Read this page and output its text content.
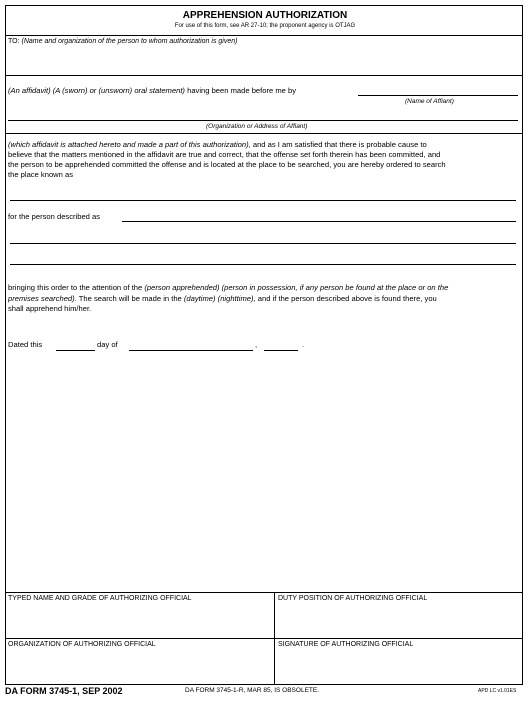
APPREHENSION AUTHORIZATION
For use of this form, see AR 27-10; the proponent agency is OTJAG
TO: (Name and organization of the person to whom authorization is given)
(An affidavit) (A (sworn) or (unsworn) oral statement) having been made before me by
(Name of Affiant)
(Organization or Address of Affiant)
(which affidavit is attached hereto and made a part of this authorization), and as I am satisfied that there is probable cause to
believe that the matters mentioned in the affidavit are true and correct, that the offense set forth therein has been committed, and
the person to be apprehended committed the offense and is located at the place to be searched, you are hereby ordered to search
the place known as
for the person described as
bringing this order to the attention of the (person apprehended) (person in possession, if any person be found at the place or on the
premises searched). The search will be made in the (daytime) (nighttime), and if the person described above is found there, you
shall apprehend him/her.
Dated this	day of	,	.
TYPED NAME AND GRADE OF AUTHORIZING OFFICIAL	DUTY POSITION OF AUTHORIZING OFFICIAL
ORGANIZATION OF AUTHORIZING OFFICIAL	SIGNATURE OF AUTHORIZING OFFICIAL
DA FORM 3745-1, SEP 2002	DA FORM 3745-1-R, MAR 85, IS OBSOLETE.	APD LC v1.01ES
